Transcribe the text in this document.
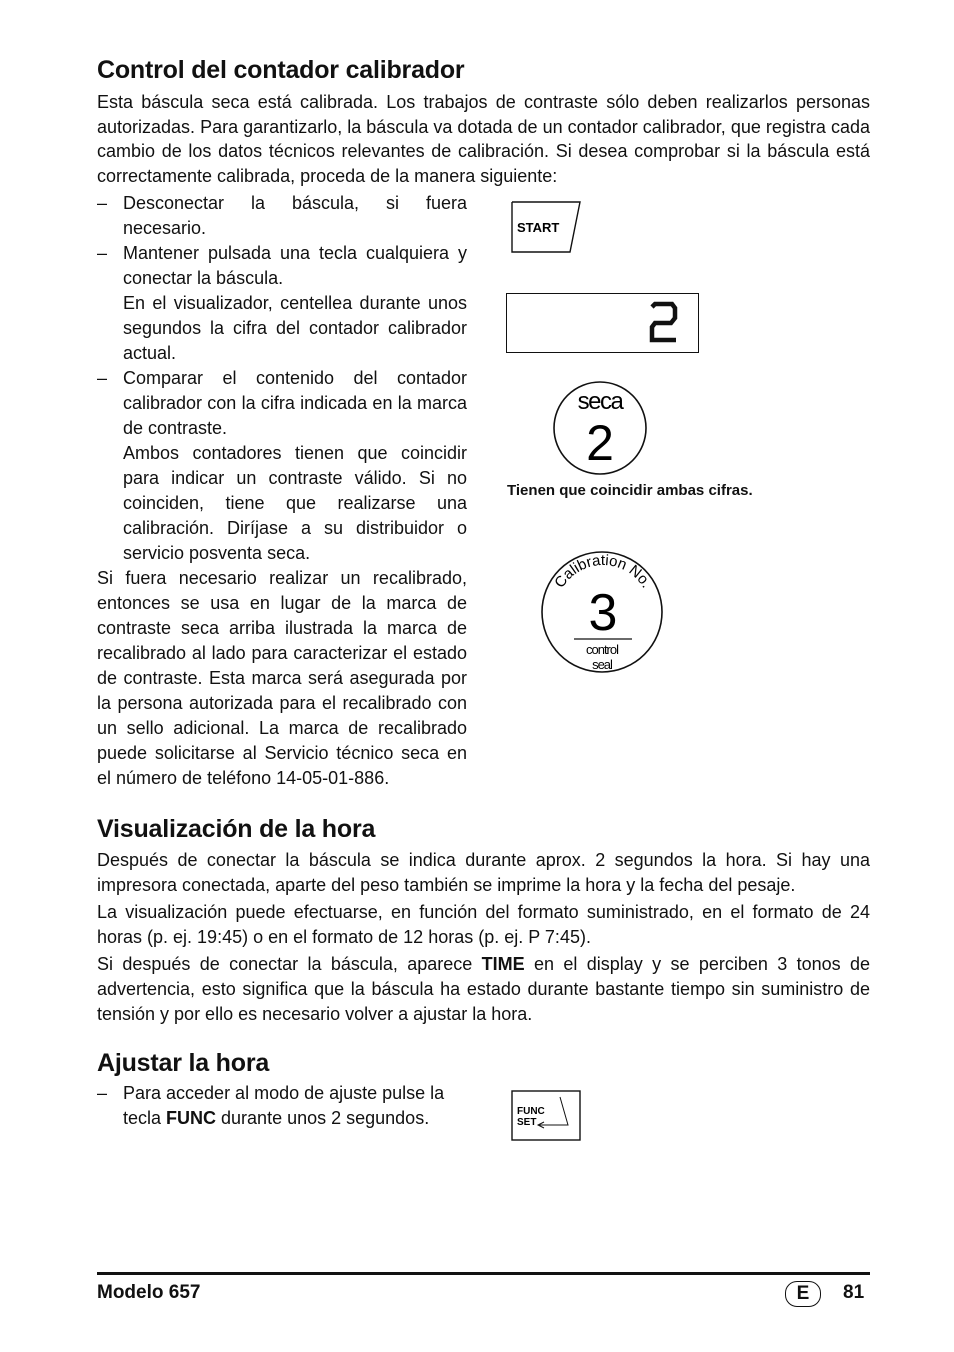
Control del contador calibrador

Esta báscula seca está calibrada. Los trabajos de contraste sólo deben realizarlos personas autorizadas. Para garantizarlo, la báscula va dotada de un contador calibrador, que registra cada cambio de los datos técnicos relevantes de calibración. Si desea comprobar si la báscula está correctamente calibrada, proceda de la manera siguiente:

– Desconectar la báscula, si fuera necesario.
– Mantener pulsada una tecla cualquiera y conectar la báscula.
En el visualizador, centellea durante unos segundos la cifra del contador calibrador actual.
– Comparar el contenido del contador calibrador con la cifra indicada en la marca de contraste.
Ambos contadores tienen que coincidir para indicar un contraste válido. Si no coinciden, tiene que realizarse una calibración. Diríjase a su distribuidor o servicio posventa seca.
Si fuera necesario realizar un recalibrado, entonces se usa en lugar de la marca de contraste seca arriba ilustrada la marca de recalibrado al lado para caracterizar el estado de contraste. Esta marca será asegurada por la persona autorizada para el recalibrado con un sello adicional. La marca de recalibrado puede solicitarse al Servicio técnico seca en el número de teléfono 14-05-01-886.
START
seca
2
Tienen que coincidir ambas cifras.
Calibration No.
3
control
seal
Visualización de la hora

Después de conectar la báscula se indica durante aprox. 2 segundos la hora. Si hay una impresora conectada, aparte del peso también se imprime la hora y la fecha del pesaje.

La visualización puede efectuarse, en función del formato suministrado, en el formato de 24 horas (p. ej. 19:45) o en el formato de 12 horas (p. ej. P 7:45).

Si después de conectar la báscula, aparece TIME en el display y se perciben 3 tonos de advertencia, esto significa que la báscula ha estado durante bastante tiempo sin suministro de tensión y por ello es necesario volver a ajustar la hora.

Ajustar la hora
– Para acceder al modo de ajuste pulse la tecla FUNC durante unos 2 segundos.	FUNC
SET
Modelo 657	E	81
